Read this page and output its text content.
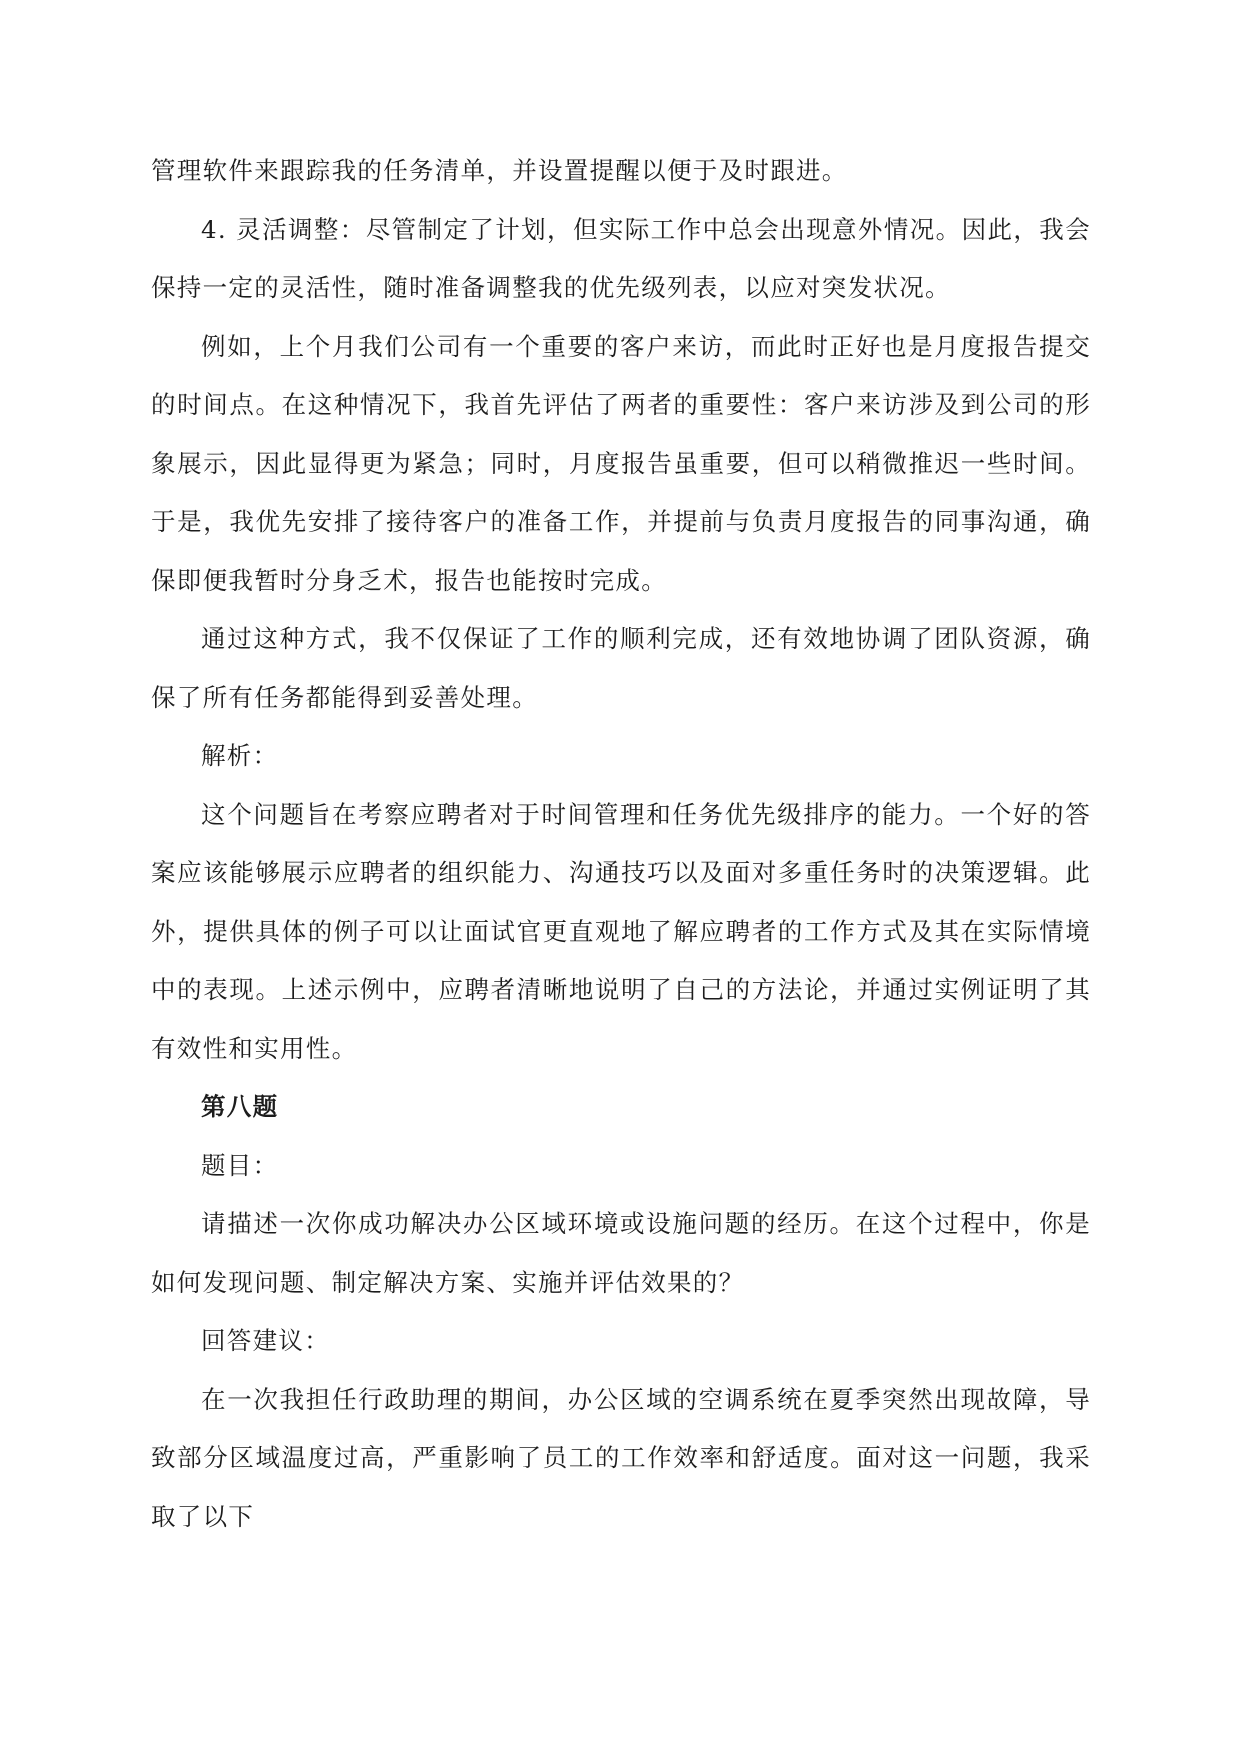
管理软件来跟踪我的任务清单，并设置提醒以便于及时跟进。

4. 灵活调整：尽管制定了计划，但实际工作中总会出现意外情况。因此，我会保持一定的灵活性，随时准备调整我的优先级列表，以应对突发状况。

例如，上个月我们公司有一个重要的客户来访，而此时正好也是月度报告提交的时间点。在这种情况下，我首先评估了两者的重要性：客户来访涉及到公司的形象展示，因此显得更为紧急；同时，月度报告虽重要，但可以稍微推迟一些时间。于是，我优先安排了接待客户的准备工作，并提前与负责月度报告的同事沟通，确保即便我暂时分身乏术，报告也能按时完成。

通过这种方式，我不仅保证了工作的顺利完成，还有效地协调了团队资源，确保了所有任务都能得到妥善处理。

解析：

这个问题旨在考察应聘者对于时间管理和任务优先级排序的能力。一个好的答案应该能够展示应聘者的组织能力、沟通技巧以及面对多重任务时的决策逻辑。此外，提供具体的例子可以让面试官更直观地了解应聘者的工作方式及其在实际情境中的表现。上述示例中，应聘者清晰地说明了自己的方法论，并通过实例证明了其有效性和实用性。

第八题

题目：

请描述一次你成功解决办公区域环境或设施问题的经历。在这个过程中，你是如何发现问题、制定解决方案、实施并评估效果的？

回答建议：

在一次我担任行政助理的期间，办公区域的空调系统在夏季突然出现故障，导致部分区域温度过高，严重影响了员工的工作效率和舒适度。面对这一问题，我采取了以下
